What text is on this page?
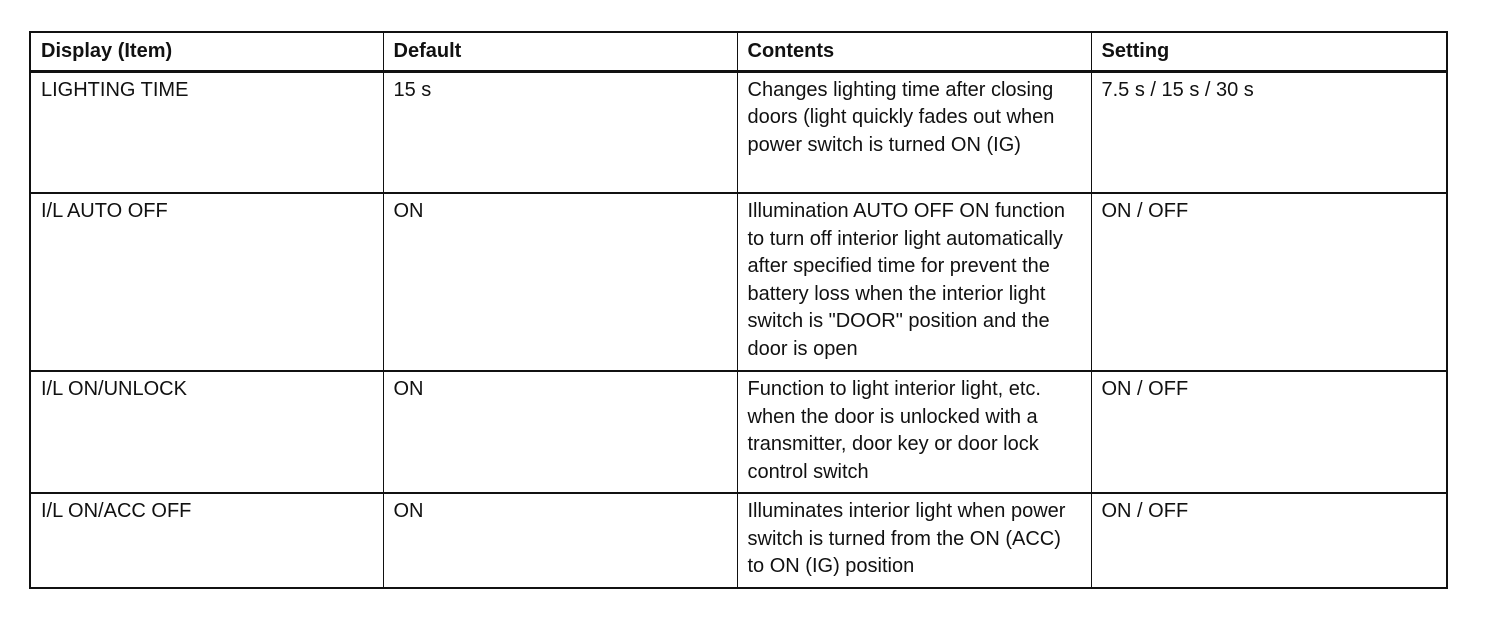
Display (Item)	Default	Contents	Setting
LIGHTING TIME	15 s	Changes lighting time after closing doors (light quickly fades out when power switch is turned ON (IG)	7.5 s / 15 s / 30 s
I/L AUTO OFF	ON	Illumination AUTO OFF ON function to turn off interior light automatically after specified time for prevent the battery loss when the interior light switch is "DOOR" position and the door is open	ON / OFF
I/L ON/UNLOCK	ON	Function to light interior light, etc. when the door is unlocked with a transmitter, door key or door lock control switch	ON / OFF
I/L ON/ACC OFF	ON	Illuminates interior light when power switch is turned from the ON (ACC) to ON (IG) position	ON / OFF
